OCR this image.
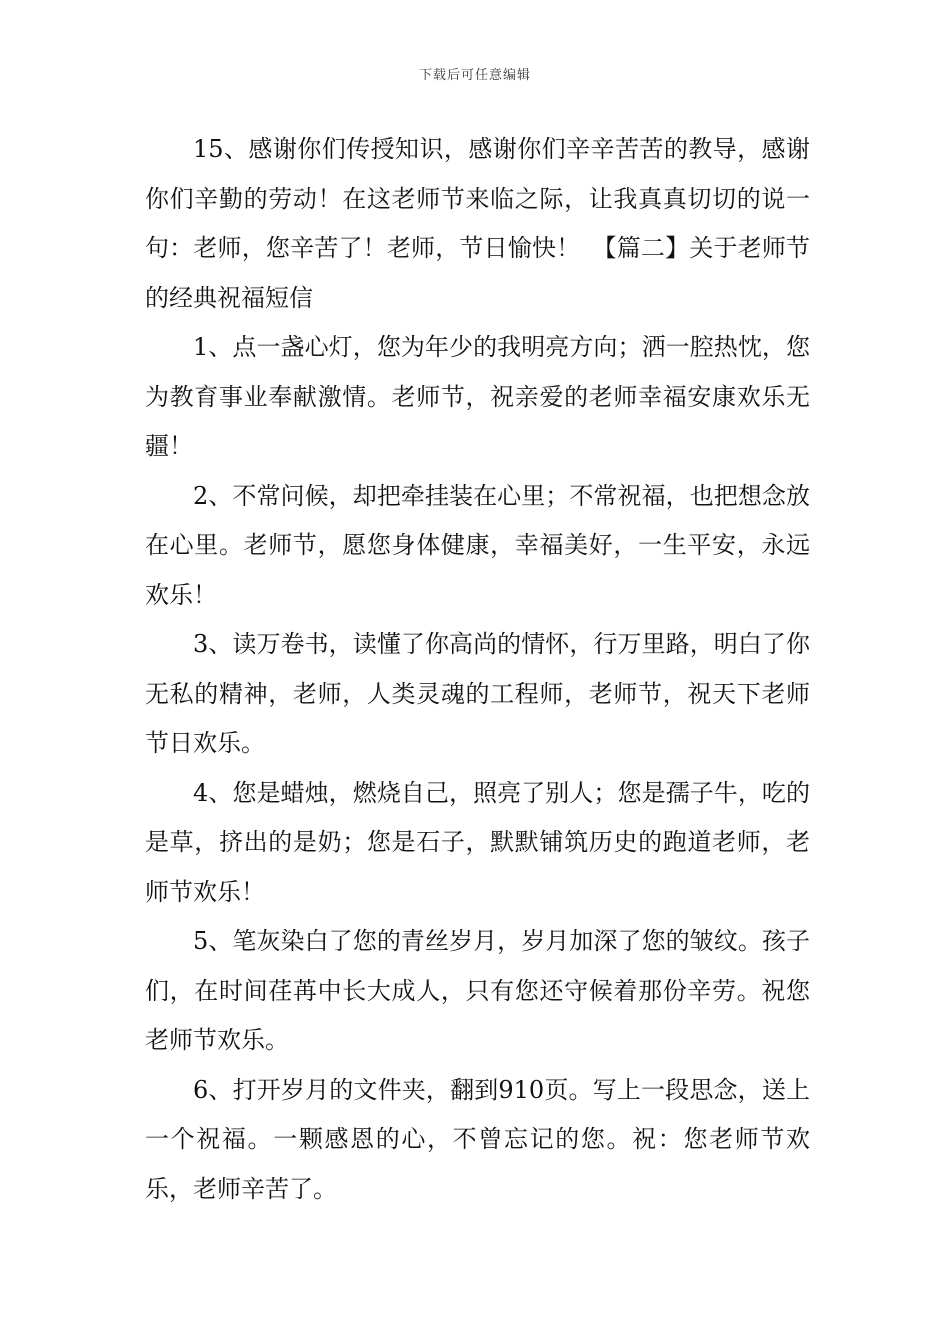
下载后可任意编辑

15、感谢你们传授知识，感谢你们辛辛苦苦的教导，感谢你们辛勤的劳动！在这老师节来临之际，让我真真切切的说一句：老师，您辛苦了！老师，节日愉快！　【篇二】关于老师节的经典祝福短信

1、点一盏心灯，您为年少的我明亮方向；洒一腔热忱，您为教育事业奉献激情。老师节，祝亲爱的老师幸福安康欢乐无疆！

2、不常问候，却把牵挂装在心里；不常祝福，也把想念放在心里。老师节，愿您身体健康，幸福美好，一生平安，永远欢乐！

3、读万卷书，读懂了你高尚的情怀，行万里路，明白了你无私的精神，老师，人类灵魂的工程师，老师节，祝天下老师节日欢乐。

4、您是蜡烛，燃烧自己，照亮了别人；您是孺子牛，吃的是草，挤出的是奶；您是石子，默默铺筑历史的跑道老师，老师节欢乐！

5、笔灰染白了您的青丝岁月，岁月加深了您的皱纹。孩子们，在时间荏苒中长大成人，只有您还守候着那份辛劳。祝您老师节欢乐。

6、打开岁月的文件夹，翻到910页。写上一段思念，送上一个祝福。一颗感恩的心，不曾忘记的您。祝：您老师节欢乐，老师辛苦了。
